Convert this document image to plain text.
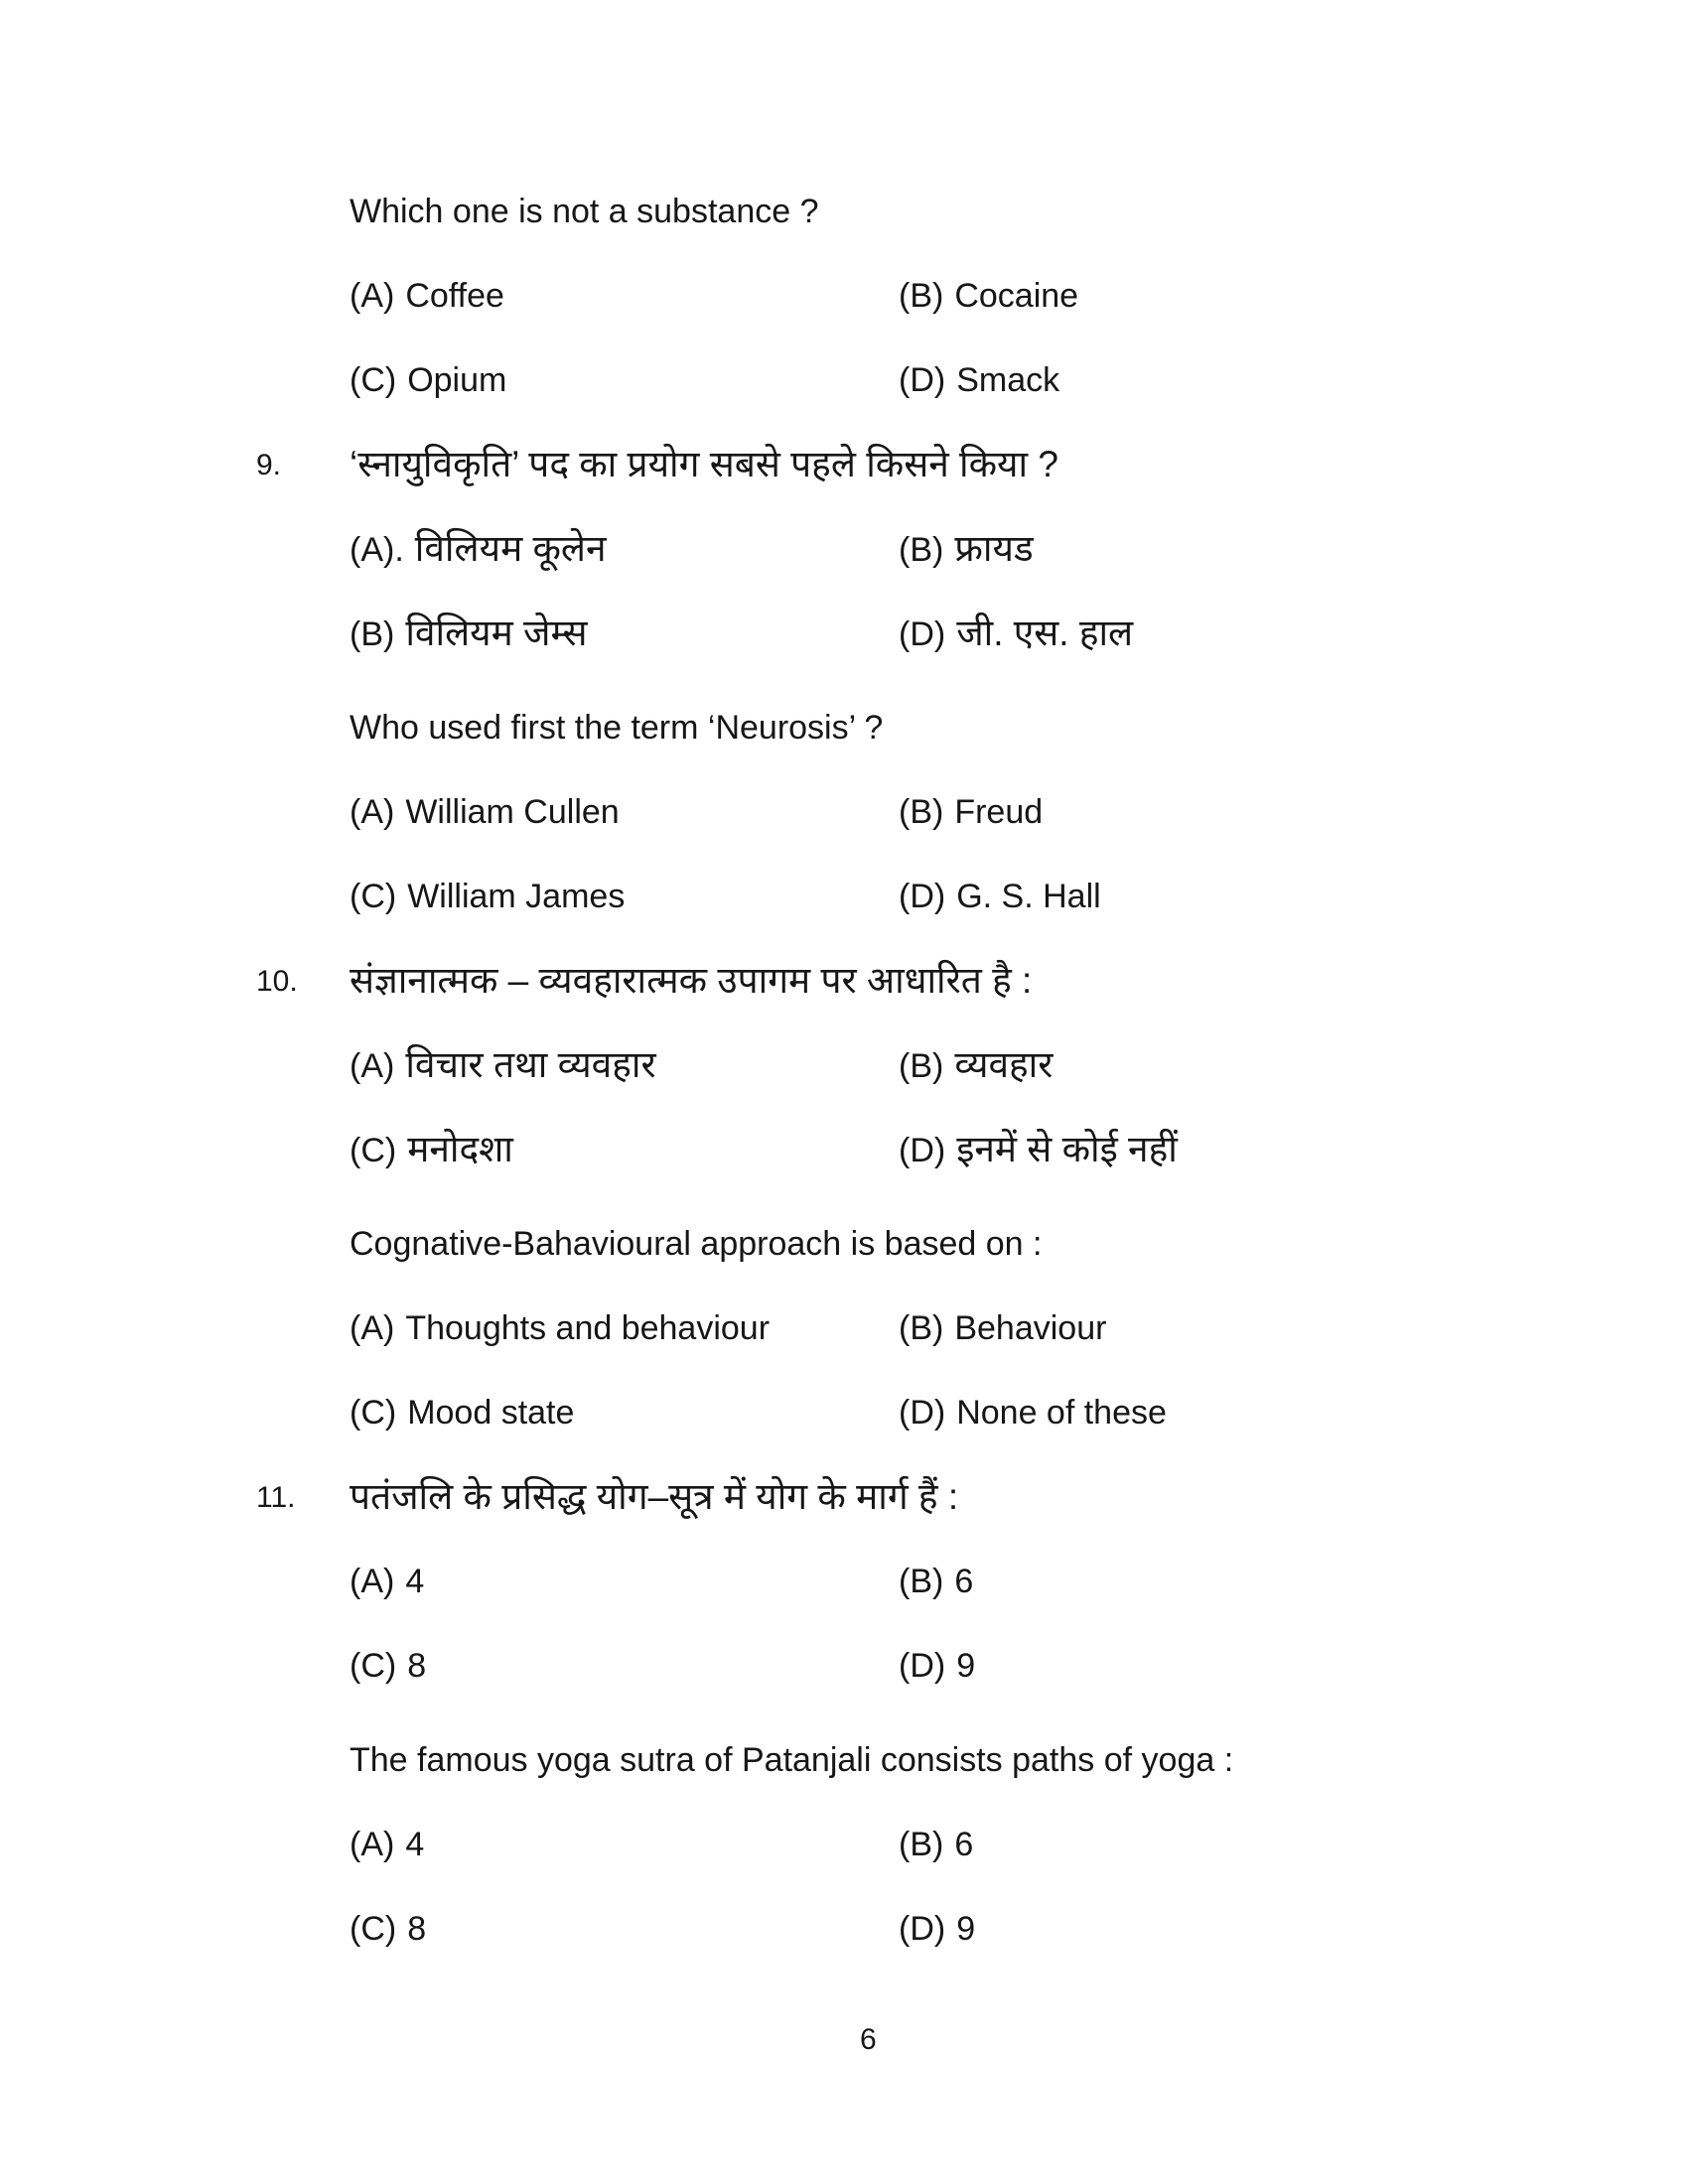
Which one is not a substance ?
(A) Coffee	(B) Cocaine
(C) Opium	(D) Smack
9. ‘स्नायुविकृति’ पद का प्रयोग सबसे पहले किसने किया ?
(A). विलियम कूलेन	(B) फ्रायड
(B) विलियम जेम्स	(D) जी. एस. हाल
Who used first the term ‘Neurosis’ ?
(A) William Cullen	(B) Freud
(C) William James	(D) G. S. Hall
10. संज्ञानात्मक – व्यवहारात्मक उपागम पर आधारित है :
(A) विचार तथा व्यवहार	(B) व्यवहार
(C) मनोदशा	(D) इनमें से कोई नहीं
Cognative-Bahavioural approach is based on :
(A) Thoughts and behaviour	(B) Behaviour
(C) Mood state	(D) None of these
11. पतंजलि के प्रसिद्ध योग–सूत्र में योग के मार्ग हैं :
(A) 4	(B) 6
(C) 8	(D) 9
The famous yoga sutra of Patanjali consists paths of yoga :
(A) 4	(B) 6
(C) 8	(D) 9
6
